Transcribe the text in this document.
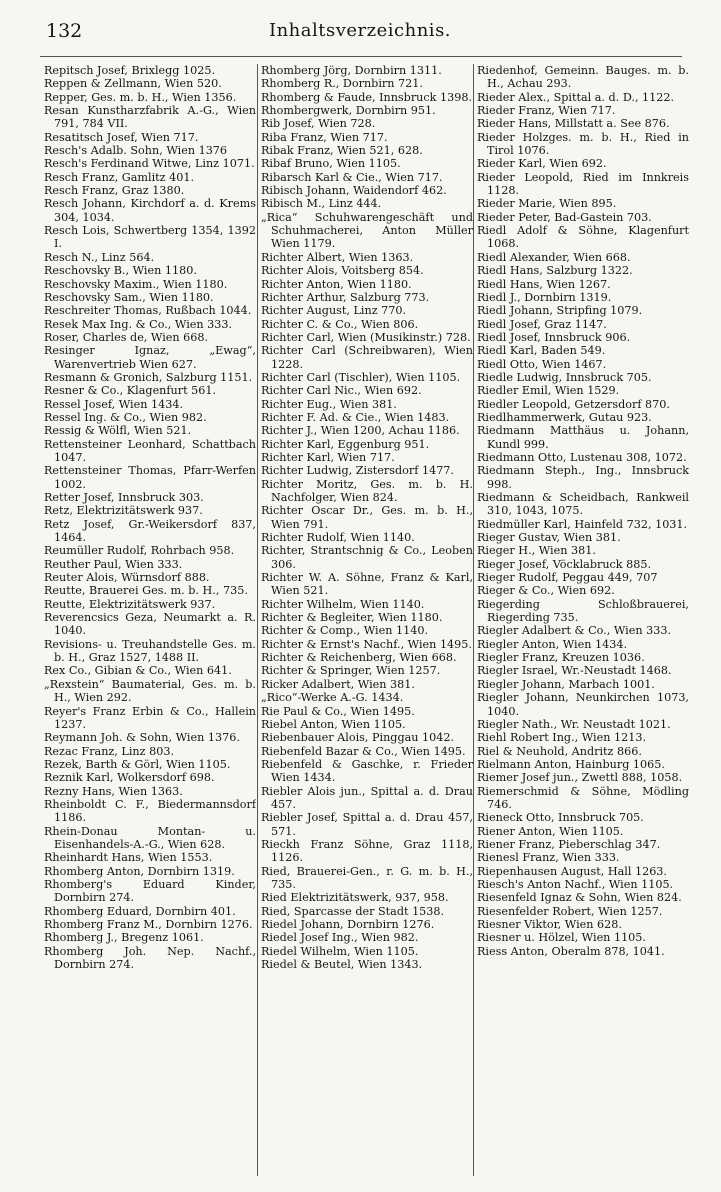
132	Inhaltsverzeichnis.
Repitsch Josef, Brixlegg 1025.
Reppen & Zellmann, Wien 520.
Repper, Ges. m. b. H., Wien 1356.
Resan Kunstharzfabrik A.-G., Wien 791, 784 VII.
Resatitsch Josef, Wien 717.
Resch's Adalb. Sohn, Wien 1376
Resch's Ferdinand Witwe, Linz 1071.
Resch Franz, Gamlitz 401.
Resch Franz, Graz 1380.
Resch Johann, Kirchdorf a. d. Krems 304, 1034.
Resch Lois, Schwertberg 1354, 1392 I.
Resch N., Linz 564.
Reschovsky B., Wien 1180.
Reschovsky Maxim., Wien 1180.
Reschovsky Sam., Wien 1180.
Reschreiter Thomas, Rußbach 1044.
Resek Max Ing. & Co., Wien 333.
Roser, Charles de, Wien 668.
Resinger Ignaz, „Ewag“, Warenvertrieb Wien 627.
Resmann & Gronich, Salzburg 1151.
Resner & Co., Klagenfurt 561.
Ressel Josef, Wien 1434.
Ressel Ing. & Co., Wien 982.
Ressig & Wölfl, Wien 521.
Rettensteiner Leonhard, Schattbach 1047.
Rettensteiner Thomas, Pfarr-Werfen 1002.
Retter Josef, Innsbruck 303.
Retz, Elektrizitätswerk 937.
Retz Josef, Gr.-Weikersdorf 837, 1464.
Reumüller Rudolf, Rohrbach 958.
Reuther Paul, Wien 333.
Reuter Alois, Würnsdorf 888.
Reutte, Brauerei Ges. m. b. H., 735.
Reutte, Elektrizitätswerk 937.
Reverencsics Geza, Neumarkt a. R. 1040.
Revisions- u. Treuhandstelle Ges. m. b. H., Graz 1527, 1488 II.
Rex Co., Gibian & Co., Wien 641.
„Rexstein“ Baumaterial, Ges. m. b. H., Wien 292.
Reyer's Franz Erbin & Co., Hallein 1237.
Reymann Joh. & Sohn, Wien 1376.
Rezac Franz, Linz 803.
Rezek, Barth & Görl, Wien 1105.
Reznik Karl, Wolkersdorf 698.
Rezny Hans, Wien 1363.
Rheinboldt C. F., Biedermannsdorf 1186.
Rhein-Donau Montan- u. Eisenhandels-A.-G., Wien 628.
Rheinhardt Hans, Wien 1553.
Rhomberg Anton, Dornbirn 1319.
Rhomberg's Eduard Kinder, Dornbirn 274.
Rhomberg Eduard, Dornbirn 401.
Rhomberg Franz M., Dornbirn 1276.
Rhomberg J., Bregenz 1061.
Rhomberg Joh. Nep. Nachf., Dornbirn 274.
Rhomberg Jörg, Dornbirn 1311.
Rhomberg R., Dornbirn 721.
Rhomberg & Faude, Innsbruck 1398.
Rhombergwerk, Dornbirn 951.
Rib Josef, Wien 728.
Riba Franz, Wien 717.
Ribak Franz, Wien 521, 628.
Ribaf Bruno, Wien 1105.
Ribarsch Karl & Cie., Wien 717.
Ribisch Johann, Waidendorf 462.
Ribisch M., Linz 444.
„Rica“ Schuhwarengeschäft und Schuhmacherei, Anton Müller Wien 1179.
Richter Albert, Wien 1363.
Richter Alois, Voitsberg 854.
Richter Anton, Wien 1180.
Richter Arthur, Salzburg 773.
Richter August, Linz 770.
Richter C. & Co., Wien 806.
Richter Carl, Wien (Musikinstr.) 728.
Richter Carl (Schreibwaren), Wien 1228.
Richter Carl (Tischler), Wien 1105.
Richter Carl Nic., Wien 692.
Richter Eug., Wien 381.
Richter F. Ad. & Cie., Wien 1483.
Richter J., Wien 1200, Achau 1186.
Richter Karl, Eggenburg 951.
Richter Karl, Wien 717.
Richter Ludwig, Zistersdorf 1477.
Richter Moritz, Ges. m. b. H. Nachfolger, Wien 824.
Richter Oscar Dr., Ges. m. b. H., Wien 791.
Richter Rudolf, Wien 1140.
Richter, Strantschnig & Co., Leoben 306.
Richter W. A. Söhne, Franz & Karl, Wien 521.
Richter Wilhelm, Wien 1140.
Richter & Begleiter, Wien 1180.
Richter & Comp., Wien 1140.
Richter & Ernst's Nachf., Wien 1495.
Richter & Reichenberg, Wien 668.
Richter & Springer, Wien 1257.
Ricker Adalbert, Wien 381.
„Rico“-Werke A.-G. 1434.
Rie Paul & Co., Wien 1495.
Riebel Anton, Wien 1105.
Riebenbauer Alois, Pinggau 1042.
Riebenfeld Bazar & Co., Wien 1495.
Riebenfeld & Gaschke, r. Frieder Wien 1434.
Riebler Alois jun., Spittal a. d. Drau 457.
Riebler Josef, Spittal a. d. Drau 457, 571.
Rieckh Franz Söhne, Graz 1118, 1126.
Ried, Brauerei-Gen., r. G. m. b. H., 735.
Ried Elektrizitätswerk, 937, 958.
Ried, Sparcasse der Stadt 1538.
Riedel Johann, Dornbirn 1276.
Riedel Josef Ing., Wien 982.
Riedel Wilhelm, Wien 1105.
Riedel & Beutel, Wien 1343.
Riedenhof, Gemeinn. Bauges. m. b. H., Achau 293.
Rieder Alex., Spittal a. d. D., 1122.
Rieder Franz, Wien 717.
Rieder Hans, Millstatt a. See 876.
Rieder Holzges. m. b. H., Ried in Tirol 1076.
Rieder Karl, Wien 692.
Rieder Leopold, Ried im Innkreis 1128.
Rieder Marie, Wien 895.
Rieder Peter, Bad-Gastein 703.
Riedl Adolf & Söhne, Klagenfurt 1068.
Riedl Alexander, Wien 668.
Riedl Hans, Salzburg 1322.
Riedl Hans, Wien 1267.
Riedl J., Dornbirn 1319.
Riedl Johann, Stripfing 1079.
Riedl Josef, Graz 1147.
Riedl Josef, Innsbruck 906.
Riedl Karl, Baden 549.
Riedl Otto, Wien 1467.
Riedle Ludwig, Innsbruck 705.
Riedler Emil, Wien 1529.
Riedler Leopold, Getzersdorf 870.
Riedlhammerwerk, Gutau 923.
Riedmann Matthäus u. Johann, Kundl 999.
Riedmann Otto, Lustenau 308, 1072.
Riedmann Steph., Ing., Innsbruck 998.
Riedmann & Scheidbach, Rankweil 310, 1043, 1075.
Riedmüller Karl, Hainfeld 732, 1031.
Rieger Gustav, Wien 381.
Rieger H., Wien 381.
Rieger Josef, Vöcklabruck 885.
Rieger Rudolf, Peggau 449, 707
Rieger & Co., Wien 692.
Riegerding Schloßbrauerei, Riegerding 735.
Riegler Adalbert & Co., Wien 333.
Riegler Anton, Wien 1434.
Riegler Franz, Kreuzen 1036.
Riegler Israel, Wr.-Neustadt 1468.
Riegler Johann, Marbach 1001.
Riegler Johann, Neunkirchen 1073, 1040.
Riegler Nath., Wr. Neustadt 1021.
Riehl Robert Ing., Wien 1213.
Riel & Neuhold, Andritz 866.
Rielmann Anton, Hainburg 1065.
Riemer Josef jun., Zwettl 888, 1058.
Riemerschmid & Söhne, Mödling 746.
Rieneck Otto, Innsbruck 705.
Riener Anton, Wien 1105.
Riener Franz, Pieberschlag 347.
Rienesl Franz, Wien 333.
Riepenhausen August, Hall 1263.
Riesch's Anton Nachf., Wien 1105.
Riesenfeld Ignaz & Sohn, Wien 824.
Riesenfelder Robert, Wien 1257.
Riesner Viktor, Wien 628.
Riesner u. Hölzel, Wien 1105.
Riess Anton, Oberalm 878, 1041.
